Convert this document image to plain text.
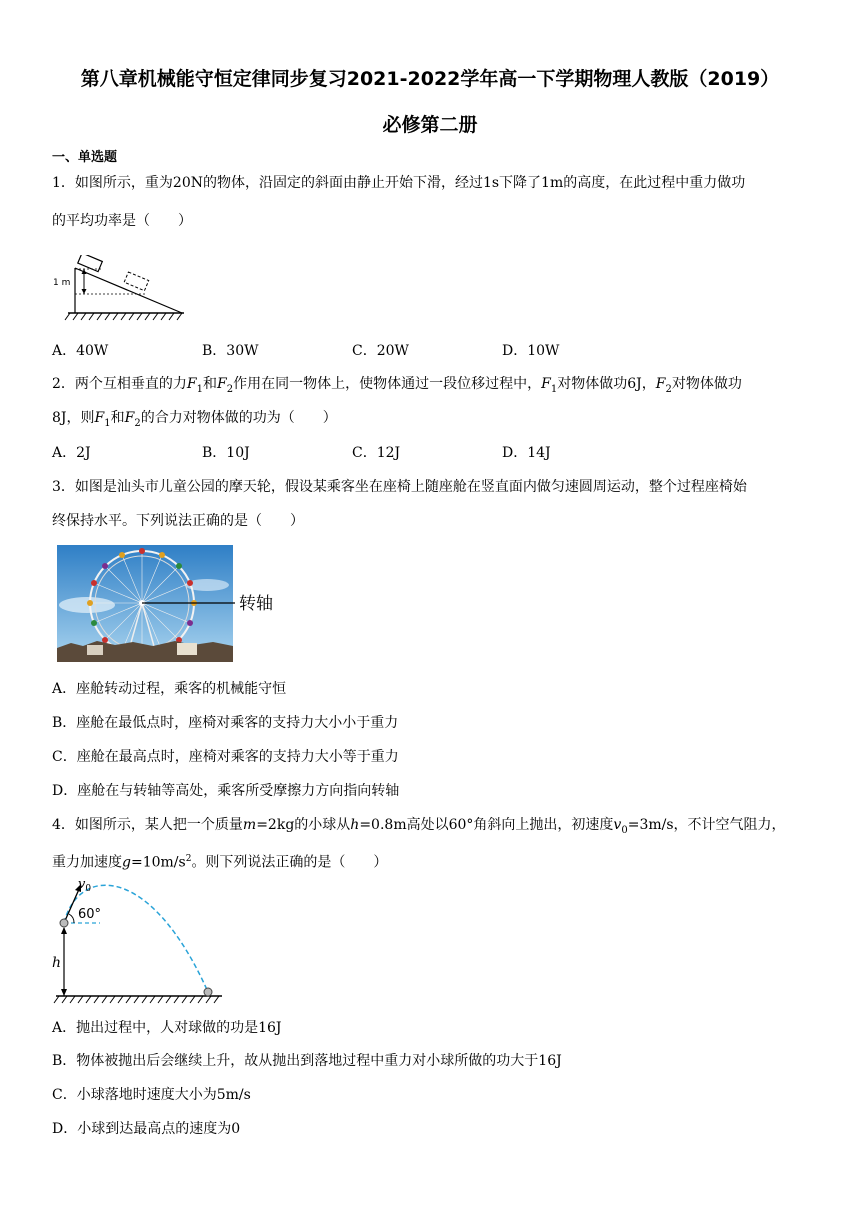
第八章机械能守恒定律同步复习2021-2022学年高一下学期物理人教版（2019）
必修第二册
一、单选题
1．如图所示，重为20N的物体，沿固定的斜面由静止开始下滑，经过1s下降了1m的高度，在此过程中重力做功
的平均功率是（　　）
1 m
A．40W	B．30W	C．20W	D．10W
2．两个互相垂直的力$F_1$和$F_2$作用在同一物体上，使物体通过一段位移过程中，$F_1$对物体做功6J，$F_2$对物体做功
8J，则$F_1$和$F_2$的合力对物体做的功为（　　）
A．2J	B．10J	C．12J	D．14J
3．如图是汕头市儿童公园的摩天轮，假设某乘客坐在座椅上随座舱在竖直面内做匀速圆周运动，整个过程座椅始
终保持水平。下列说法正确的是（　　）
转轴
A．座舱转动过程，乘客的机械能守恒
B．座舱在最低点时，座椅对乘客的支持力大小小于重力
C．座舱在最高点时，座椅对乘客的支持力大小等于重力
D．座舱在与转轴等高处，乘客所受摩擦力方向指向转轴
4．如图所示，某人把一个质量m=2kg的小球从h=0.8m高处以60°角斜向上抛出，初速度$v_0=3m/s$，不计空气阻力，
重力加速度$g=10m/s^2$。则下列说法正确的是（　　）
$v_0$
60°
h
A．抛出过程中，人对球做的功是16J
B．物体被抛出后会继续上升，故从抛出到落地过程中重力对小球所做的功大于16J
C．小球落地时速度大小为5m/s
D．小球到达最高点的速度为0
